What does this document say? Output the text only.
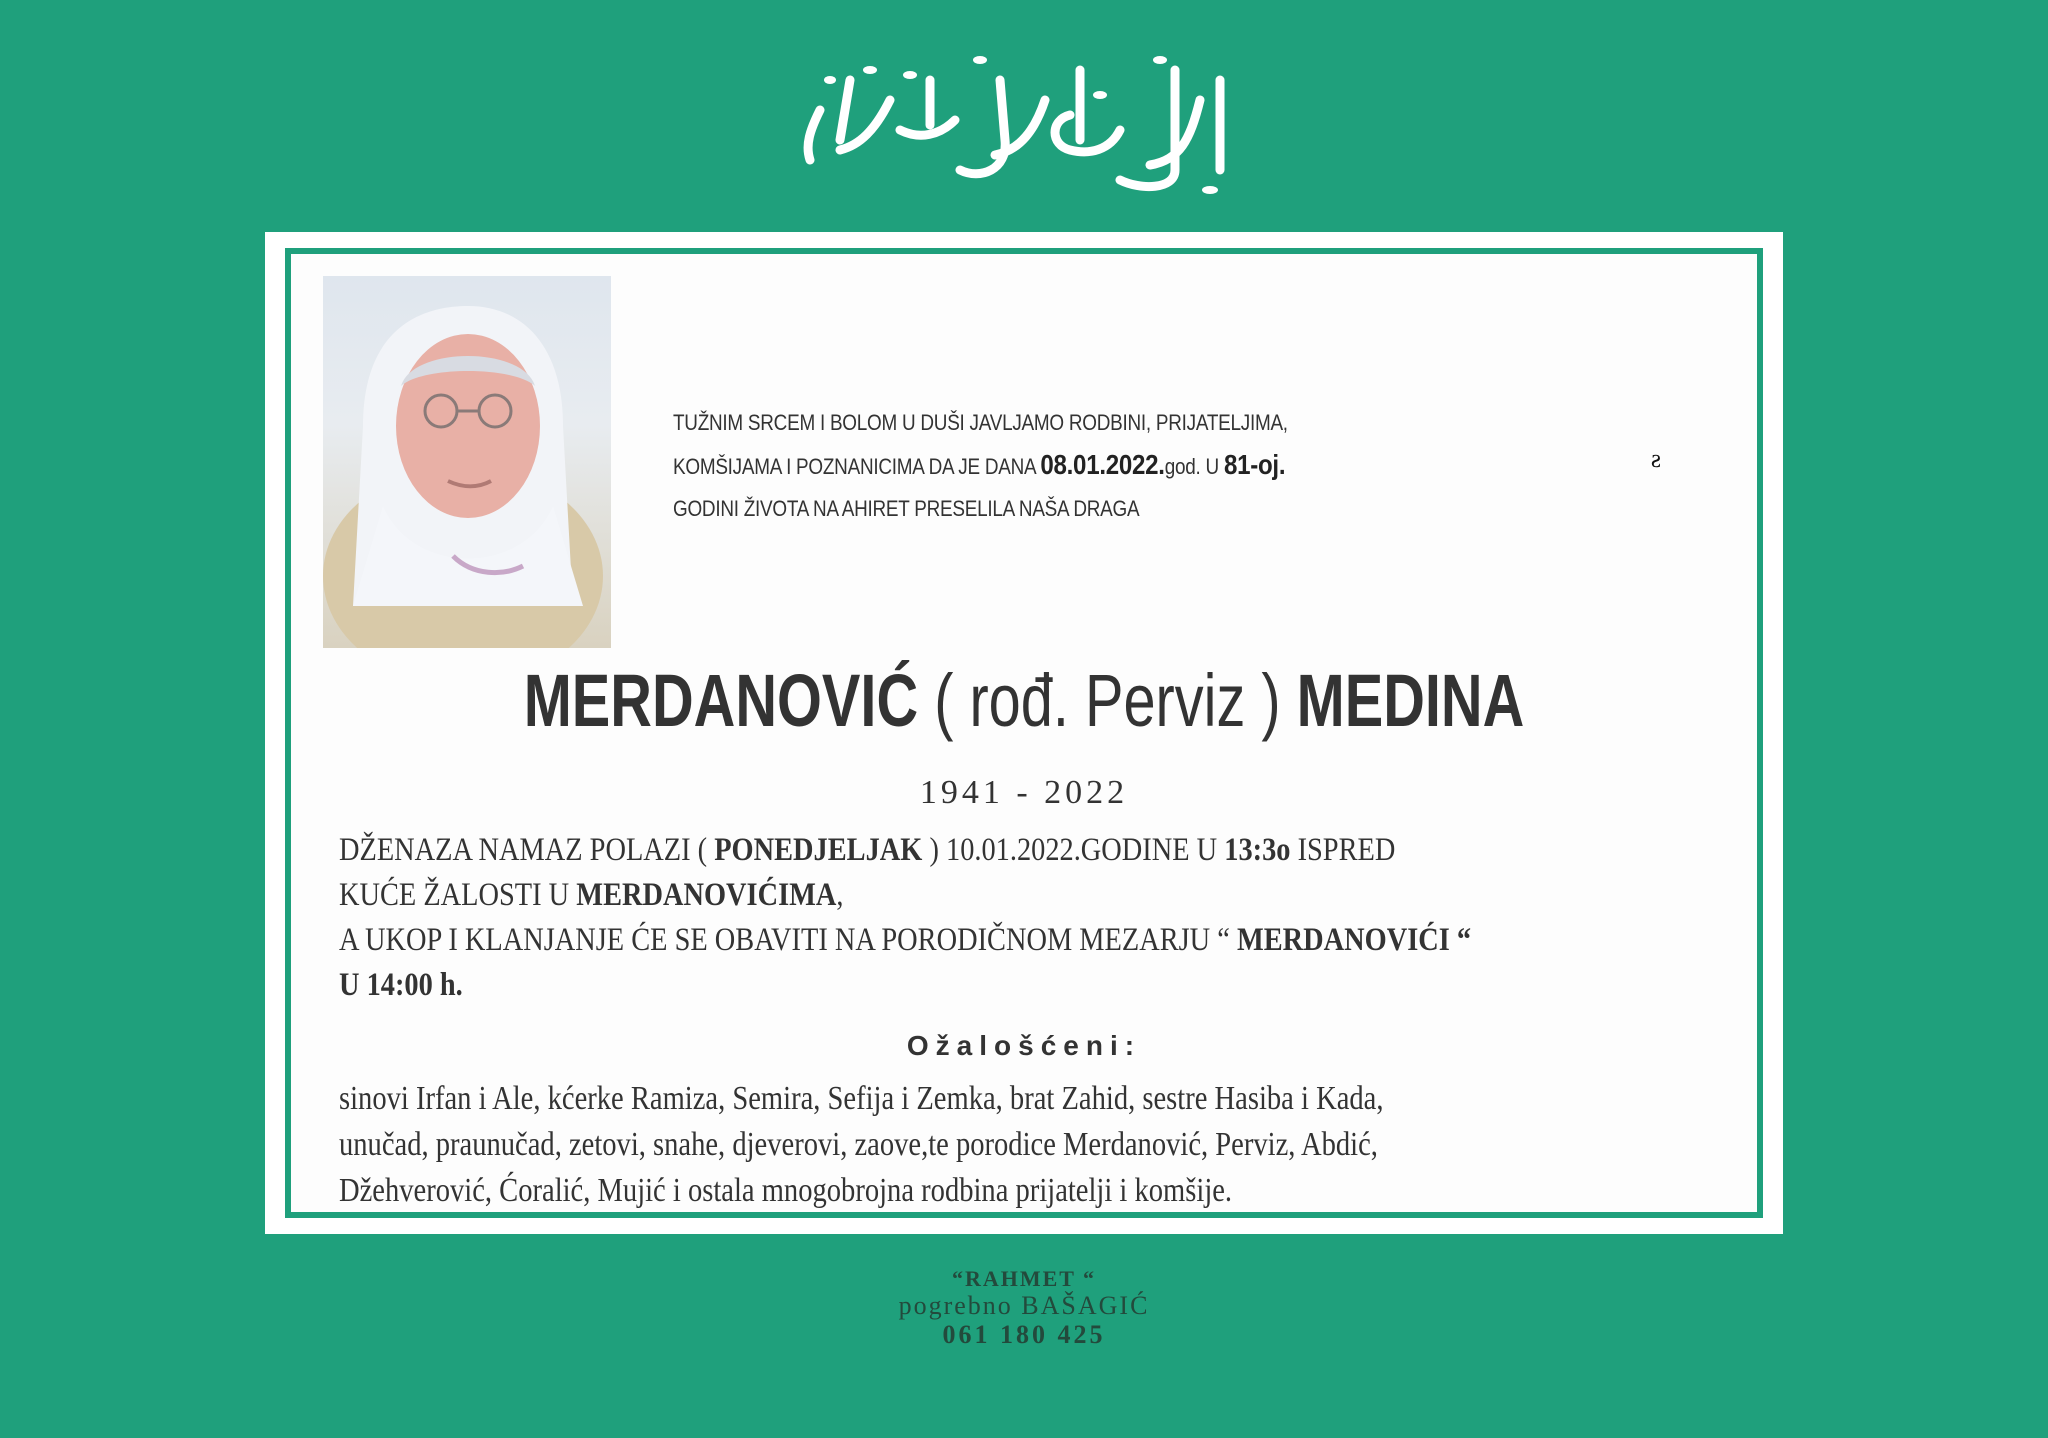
TUŽNIM SRCEM I BOLOM U DUŠI JAVLJAMO RODBINI, PRIJATELJIMA,
KOMŠIJAMA I POZNANICIMA DA JE DANA 08.01.2022.god. U 81-oj.
GODINI ŽIVOTA NA AHIRET PRESELILA NAŠA DRAGA
ƨ
MERDANOVIĆ ( rođ. Perviz ) MEDINA
1941 - 2022
DŽENAZA NAMAZ POLAZI ( PONEDJELJAK ) 10.01.2022.GODINE U 13:3o ISPRED
KUĆE ŽALOSTI U MERDANOVIĆIMA,
A UKOP I KLANJANJE ĆE SE OBAVITI NA PORODIČNOM MEZARJU “ MERDANOVIĆI “
U 14:00 h.
Ožalošćeni:
sinovi Irfan i Ale, kćerke Ramiza, Semira, Sefija i Zemka, brat Zahid, sestre Hasiba i Kada,
unučad, praunučad, zetovi, snahe, djeverovi, zaove,te porodice Merdanović, Perviz, Abdić,
Džehverović, Ćoralić, Mujić i ostala mnogobrojna rodbina prijatelji i komšije.
“RAHMET “
pogrebno BAŠAGIĆ
061 180 425
